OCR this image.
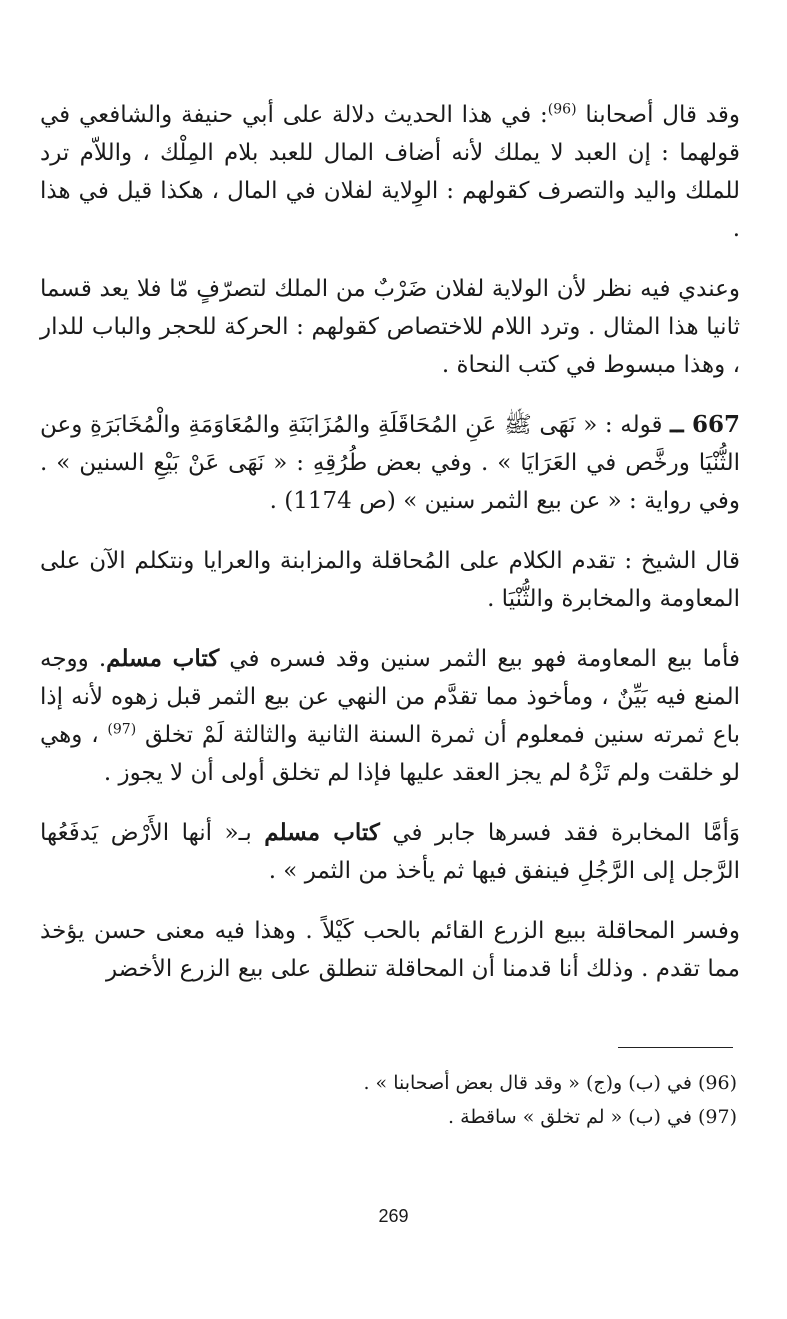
وقد قال أصحابنا $^{(96)}$: في هذا الحديث دلالة على أبي حنيفة والشافعي في قولهما : إن العبد لا يملك لأنه أضاف المال للعبد بلام المِلْك ، واللاّم ترد للملك واليد والتصرف كقولهم : الوِلاية لفلان في المال ، هكذا قيل في هذا .

وعندي فيه نظر لأن الولاية لفلان ضَرْبٌ من الملك لتصرّفٍ مّا فلا يعد قسما ثانيا هذا المثال . وترد اللام للاختصاص كقولهم : الحركة للحجر والباب للدار ، وهذا مبسوط في كتب النحاة .

667 ــ قوله : « نَهَى ﷺ عَنِ المُحَاقَلَةِ والمُزَابَنَةِ والمُعَاوَمَةِ والْمُخَابَرَةِ وعن الثُّنْيَا ورخَّص في العَرَايَا » . وفي بعض طُرُقِهِ : « نَهَى عَنْ بَيْعِ السنين » . وفي رواية : « عن بيع الثمر سنين » (ص 1174) .

قال الشيخ : تقدم الكلام على المُحاقلة والمزابنة والعرايا ونتكلم الآن على المعاومة والمخابرة والثُّنْيَا .

فأما بيع المعاومة فهو بيع الثمر سنين وقد فسره في كتاب مسلم. ووجه المنع فيه بَيِّنٌ ، ومأخوذ مما تقدَّم من النهي عن بيع الثمر قبل زهوه لأنه إذا باع ثمرته سنين فمعلوم أن ثمرة السنة الثانية والثالثة لَمْ تخلق $^{(97)}$ ، وهي لو خلقت ولم تَزْهُ لم يجز العقد عليها فإذا لم تخلق أولى أن لا يجوز .

وَأمَّا المخابرة فقد فسرها جابر في كتاب مسلم بـ« أنها الأَرْض يَدفَعُها الرَّجل إلى الرَّجُلِ فينفق فيها ثم يأخذ من الثمر » .

وفسر المحاقلة ببيع الزرع القائم بالحب كَيْلاً . وهذا فيه معنى حسن يؤخذ مما تقدم . وذلك أنا قدمنا أن المحاقلة تنطلق على بيع الزرع الأخضر

(96) في (ب) و(ج) « وقد قال بعض أصحابنا » .

(97) في (ب) « لم تخلق » ساقطة .

269
